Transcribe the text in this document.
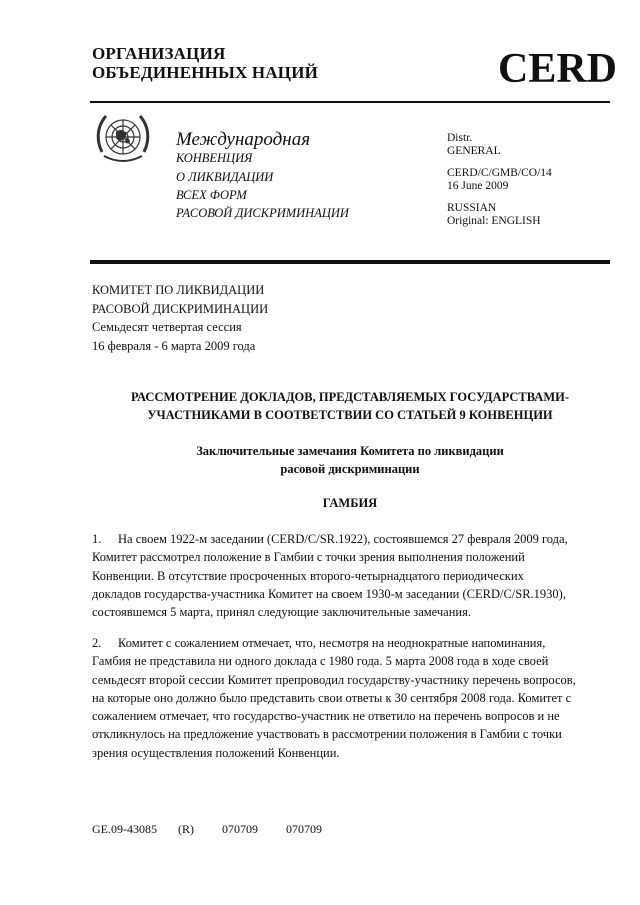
ОРГАНИЗАЦИЯ
ОБЪЕДИНЕННЫХ НАЦИЙ	CERD
Международная
КОНВЕНЦИЯ
О ЛИКВИДАЦИИ
ВСЕХ ФОРМ
РАСОВОЙ ДИСКРИМИНАЦИИ

Distr.
GENERAL

CERD/C/GMB/CO/14
16 June 2009

RUSSIAN
Original: ENGLISH

КОМИТЕТ ПО ЛИКВИДАЦИИ
РАСОВОЙ ДИСКРИМИНАЦИИ
Семьдесят четвертая сессия
16 февраля - 6 марта 2009 года
РАССМОТРЕНИЕ ДОКЛАДОВ, ПРЕДСТАВЛЯЕМЫХ ГОСУДАРСТВАМИ-
УЧАСТНИКАМИ В СООТВЕТСТВИИ СО СТАТЬЕЙ 9 КОНВЕНЦИИ
Заключительные замечания Комитета по ликвидации
расовой дискриминации
ГАМБИЯ
1. На своем 1922-м заседании (CERD/C/SR.1922), состоявшемся 27 февраля 2009 года,
Комитет рассмотрел положение в Гамбии с точки зрения выполнения положений
Конвенции. В отсутствие просроченных второго-четырнадцатого периодических
докладов государства-участника Комитет на своем 1930-м заседании (CERD/C/SR.1930),
состоявшемся 5 марта, принял следующие заключительные замечания.
2. Комитет с сожалением отмечает, что, несмотря на неоднократные напоминания,
Гамбия не представила ни одного доклада с 1980 года. 5 марта 2008 года в ходе своей
семьдесят второй сессии Комитет препроводил государству-участнику перечень вопросов,
на которые оно должно было представить свои ответы к 30 сентября 2008 года. Комитет с
сожалением отмечает, что государство-участник не ответило на перечень вопросов и не
откликнулось на предложение участвовать в рассмотрении положения в Гамбии с точки
зрения осуществления положений Конвенции.
GE.09-43085   (R)    070709    070709
